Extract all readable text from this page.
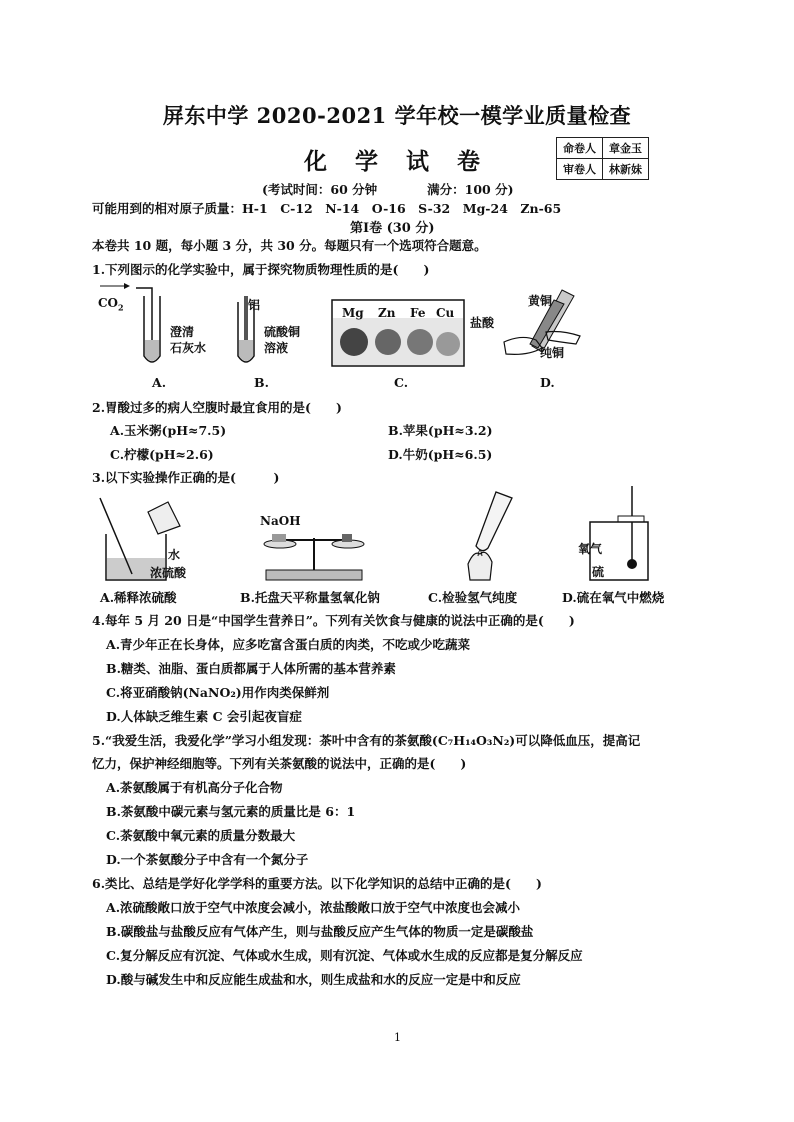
屏东中学 2020-2021 学年校一模学业质量检查
化 学 试 卷	命卷人	章金玉
审卷人	林新妹
(考试时间：60 分钟　　　　满分：100 分)
可能用到的相对原子质量：H-1　C-12　N-14　O-16　S-32　Mg-24　Zn-65
第Ⅰ卷 (30 分)
本卷共 10 题，每小题 3 分，共 30 分。每题只有一个选项符合题意。
1.下列图示的化学实验中，属于探究物质物理性质的是(　　)
$CO_2$
澄清
石灰水
铝
硫酸铜
溶液
Mg Zn Fe Cu
盐酸
黄铜
纯铜
A.	B.	C.	D.
2.胃酸过多的病人空腹时最宜食用的是(　　)
A.玉米粥(pH≈7.5)	B.苹果(pH≈3.2)
C.柠檬(pH≈2.6)	D.牛奶(pH≈6.5)
3.以下实验操作正确的是(　　　)
水
浓硫酸
NaOH
氧气
硫
A.稀释浓硫酸	B.托盘天平称量氢氧化钠	C.检验氢气纯度	D.硫在氧气中燃烧
4.每年 5 月 20 日是“中国学生营养日”。下列有关饮食与健康的说法中正确的是(　　)
A.青少年正在长身体，应多吃富含蛋白质的肉类，不吃或少吃蔬菜
B.糖类、油脂、蛋白质都属于人体所需的基本营养素
C.将亚硝酸钠(NaNO₂)用作肉类保鲜剂
D.人体缺乏维生素 C 会引起夜盲症
5.“我爱生活，我爱化学”学习小组发现：茶叶中含有的茶氨酸(C₇H₁₄O₃N₂)可以降低血压，提高记
忆力，保护神经细胞等。下列有关茶氨酸的说法中，正确的是(　　)
A.茶氨酸属于有机高分子化合物
B.茶氨酸中碳元素与氢元素的质量比是 6：1
C.茶氨酸中氧元素的质量分数最大
D.一个茶氨酸分子中含有一个氮分子
6.类比、总结是学好化学学科的重要方法。以下化学知识的总结中正确的是(　　)
A.浓硫酸敞口放于空气中浓度会减小，浓盐酸敞口放于空气中浓度也会减小
B.碳酸盐与盐酸反应有气体产生，则与盐酸反应产生气体的物质一定是碳酸盐
C.复分解反应有沉淀、气体或水生成，则有沉淀、气体或水生成的反应都是复分解反应
D.酸与碱发生中和反应能生成盐和水，则生成盐和水的反应一定是中和反应
1
